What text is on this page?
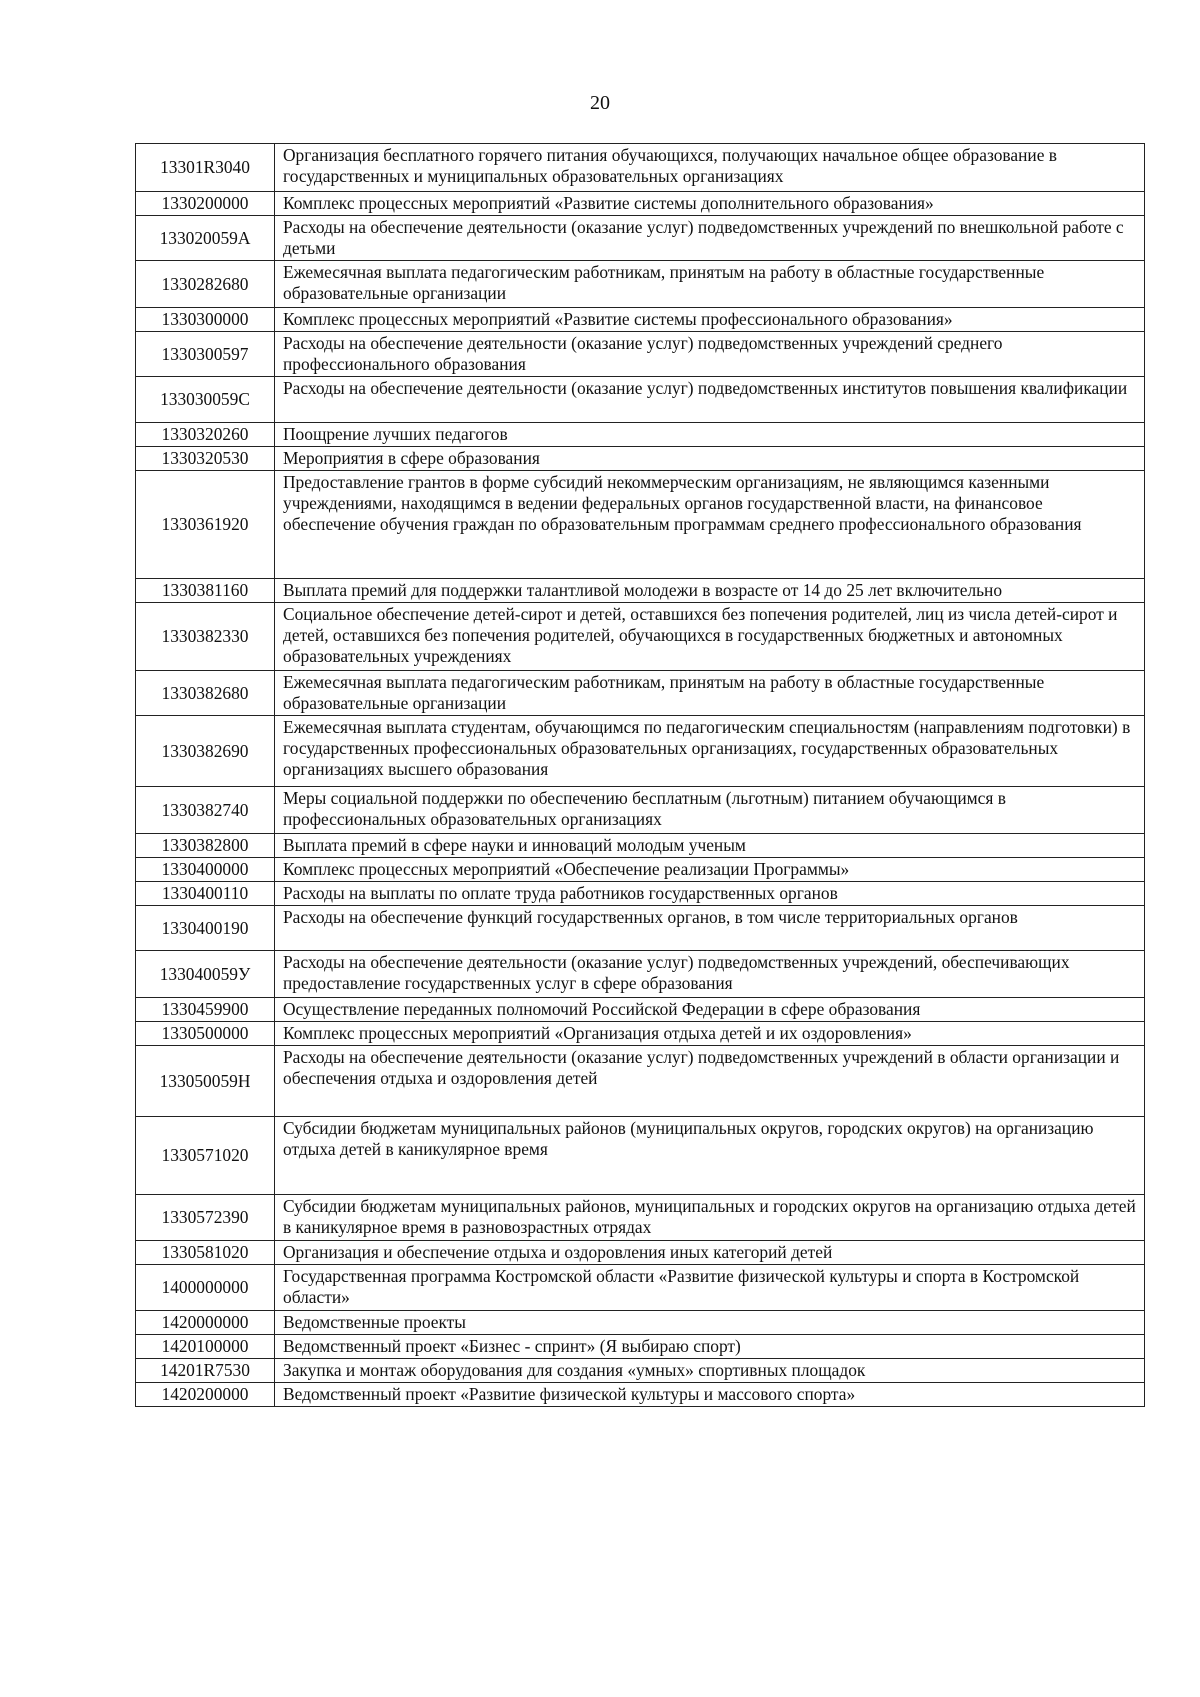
20
13301R3040	Организация бесплатного горячего питания обучающихся, получающих начальное общее образование в государственных и муниципальных образовательных организациях
1330200000	Комплекс процессных мероприятий «Развитие системы дополнительного образования»
133020059А	Расходы на обеспечение деятельности (оказание услуг) подведомственных учреждений по внешкольной работе с детьми
1330282680	Ежемесячная выплата педагогическим работникам, принятым на работу в областные государственные образовательные организации
1330300000	Комплекс процессных мероприятий «Развитие системы профессионального образования»
1330300597	Расходы на обеспечение деятельности (оказание услуг) подведомственных учреждений среднего профессионального образования
133030059С	Расходы на обеспечение деятельности (оказание услуг) подведомственных институтов повышения квалификации
1330320260	Поощрение лучших педагогов
1330320530	Мероприятия в сфере образования
1330361920	Предоставление грантов в форме субсидий некоммерческим организациям, не являющимся казенными учреждениями, находящимся в ведении федеральных органов государственной власти, на финансовое обеспечение обучения граждан по образовательным программам среднего профессионального образования
1330381160	Выплата премий для поддержки талантливой молодежи в возрасте от 14 до 25 лет включительно
1330382330	Социальное обеспечение детей-сирот и детей, оставшихся без попечения родителей, лиц из числа детей-сирот и детей, оставшихся без попечения родителей, обучающихся в государственных бюджетных и автономных образовательных учреждениях
1330382680	Ежемесячная выплата педагогическим работникам, принятым на работу в областные государственные образовательные организации
1330382690	Ежемесячная выплата студентам, обучающимся по педагогическим специальностям (направлениям подготовки) в государственных профессиональных образовательных организациях, государственных образовательных организациях высшего образования
1330382740	Меры социальной поддержки по обеспечению бесплатным (льготным) питанием обучающимся в профессиональных образовательных организациях
1330382800	Выплата премий в сфере науки и инноваций молодым ученым
1330400000	Комплекс процессных мероприятий «Обеспечение реализации Программы»
1330400110	Расходы на выплаты по оплате труда работников государственных органов
1330400190	Расходы на обеспечение функций государственных органов, в том числе территориальных органов
133040059У	Расходы на обеспечение деятельности (оказание услуг) подведомственных учреждений, обеспечивающих предоставление государственных услуг в сфере образования
1330459900	Осуществление переданных полномочий Российской Федерации в сфере образования
1330500000	Комплекс процессных мероприятий «Организация отдыха детей и их оздоровления»
133050059Н	Расходы на обеспечение деятельности (оказание услуг) подведомственных учреждений в области организации и обеспечения отдыха и оздоровления детей
1330571020	Субсидии бюджетам муниципальных районов (муниципальных округов, городских округов) на организацию отдыха детей в каникулярное время
1330572390	Субсидии бюджетам муниципальных районов, муниципальных и городских округов на организацию отдыха детей в каникулярное время в разновозрастных отрядах
1330581020	Организация и обеспечение отдыха и оздоровления иных категорий детей
1400000000	Государственная программа Костромской области «Развитие физической культуры и спорта в Костромской области»
1420000000	Ведомственные проекты
1420100000	Ведомственный проект «Бизнес - спринт» (Я выбираю спорт)
14201R7530	Закупка и монтаж оборудования для создания «умных» спортивных площадок
1420200000	Ведомственный проект «Развитие физической культуры и массового спорта»
